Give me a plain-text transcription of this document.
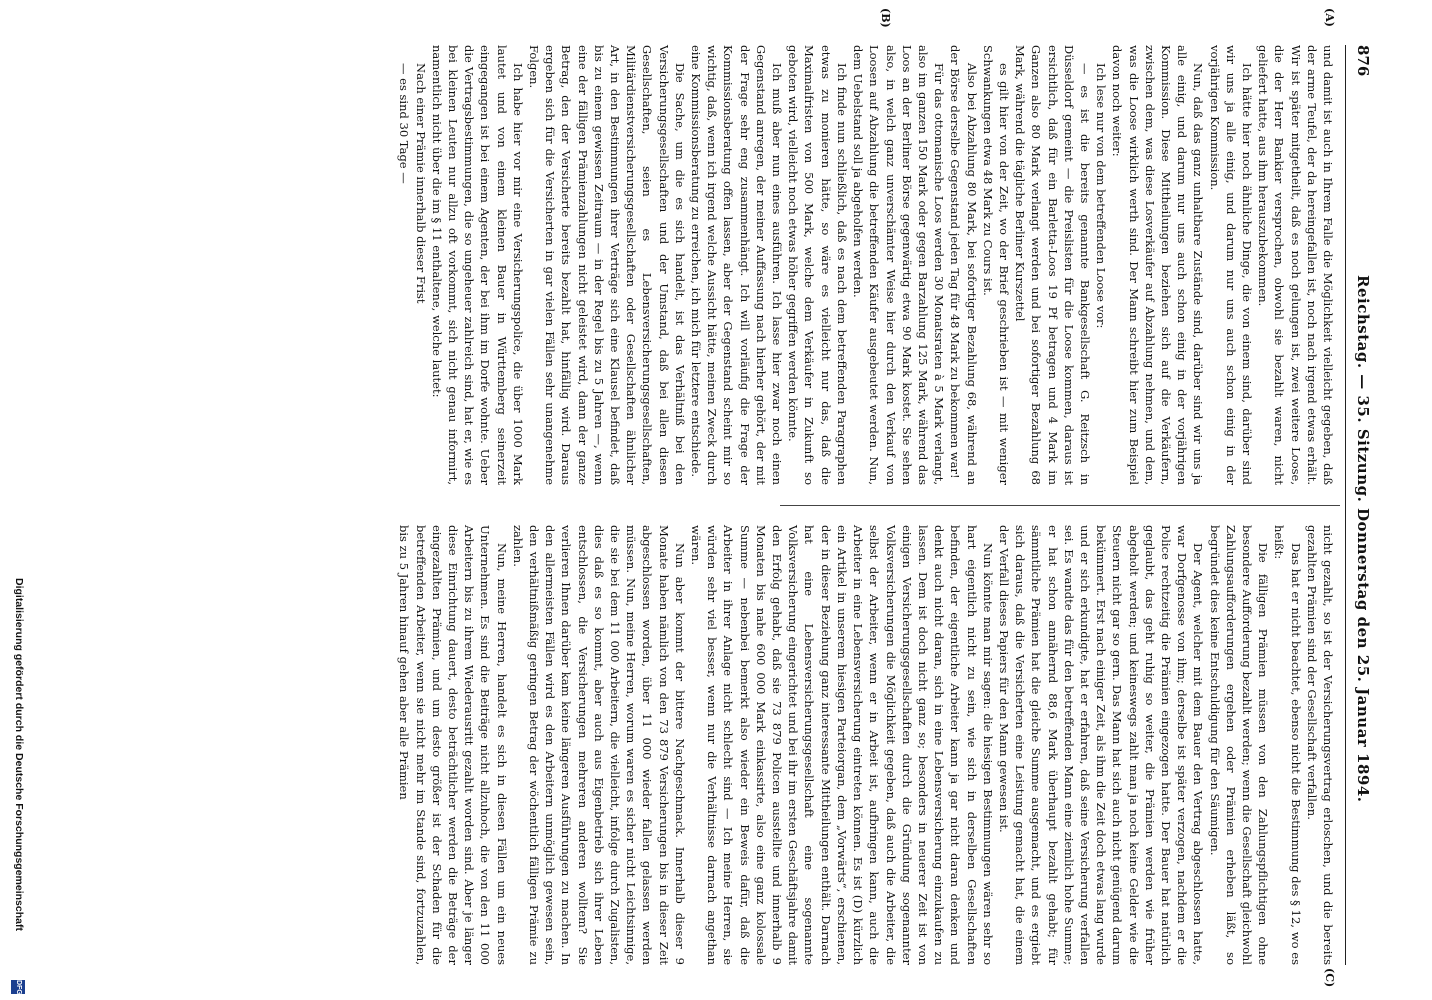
876
Reichstag. — 35. Sitzung. Donnerstag den 25. Januar 1894.
(A)
(B)
(C)

und damit ist auch in Ihrem Falle die Möglichkeit vielleicht gegeben, daß der arme Teufel, der da hereingefallen ist, noch nach irgend etwas erhält. Wir ist später mitgetheilt, daß es noch gelungen ist, zwei weitere Loose, die der Herr Bankier versprochen, obwohl sie bezahlt waren, nicht geliefert hatte, aus ihm herauszubekommen.

Ich hätte hier noch ähnliche Dinge, die von einem sind, darüber sind wir uns ja alle einig, und darum nur uns auch schon einig in der vorjährigen Kommission.

Nun, daß das ganz unhaltbare Zustände sind, darüber sind wir uns ja alle einig, und darum nur uns auch schon einig in der vorjährigen Kommission. Diese Mittheilungen beziehen sich auf die Verkäufern, zwischen dem, was diese Losverkäufer auf Abzahlung nehmen, und dem, was die Loose wirklich werth sind. Der Mann schreibt hier zum Beispiel davon noch weiter:

Ich lese nur von dem betreffenden Loose vor:

— es ist die bereits genannte Bankgesellschaft G. Reitzsch in Düsseldorf gemeint — die Preislisten für die Loose kommen, daraus ist ersichtlich, daß für ein Barletta-Loos 19 Pf betragen und 4 Mark im Ganzen also 80 Mark verlangt werden und bei sofortiger Bezahlung 68 Mark, während die tägliche Berliner Kurszettel

es gilt hier von der Zeit, wo der Brief geschrieben ist — mit weniger Schwankungen etwa 48 Mark zu Cours ist.

Also bei Abzahlung 80 Mark, bei sofortiger Bezahlung 68, während an der Börse derselbe Gegenstand jeden Tag für 48 Mark zu bekommen war!

Für das ottomanische Loos werden 30 Monatsraten à 5 Mark verlangt, also im ganzen 150 Mark oder gegen Barzahlung 125 Mark, während das Loos an der Berliner Börse gegenwärtig etwa 90 Mark kostet. Sie sehen also, in welch ganz unverschämter Weise hier durch den Verkauf von Loosen auf Abzahlung die betreffenden Käufer ausgebeutet werden. Nun, dem Uebelstand soll ja abgeholfen werden.

Ich finde nun schließlich, daß es nach dem betreffenden Paragraphen etwas zu monieren hätte, so wäre es vielleicht nur das, daß die Maximalfristen von 500 Mark, welche dem Verkäufer in Zukunft so geboten wird, vielleicht noch etwas höher gegriffen werden könnte.

Ich muß aber nun eines ausführen. Ich lasse hier zwar noch einen Gegenstand anregen, der meiner Auffassung nach hierher gehört, der mit der Frage sehr eng zusammenhängt. Ich will vorläufig die Frage der Kommissionsberatung offen lassen, aber der Gegenstand scheint mir so wichtig, daß, wenn ich irgend welche Aussicht hätte, meinen Zweck durch eine Kommissionsberatung zu erreichen, ich mich für letztere entschiede.

Die Sache, um die es sich handelt, ist das Verhältniß bei den Versicherungsgesellschaften und der Umstand, daß bei allen diesen Gesellschaften, seien es Lebensversicherungsgesellschaften, Militärdienstversicherungsgesellschaften oder Gesellschaften ähnlicher Art, in den Bestimmungen ihrer Verträge sich eine Klausel befindet, daß bis zu einem gewissen Zeitraum — in der Regel bis zu 5 Jahren —, wenn eine der fälligen Prämienzahlungen nicht geleistet wird, dann der ganze Betrag, den der Versicherte bereits bezahlt hat, hinfällig wird. Daraus ergeben sich für die Versicherten in gar vielen Fällen sehr unangenehme Folgen.

Ich habe hier vor mir eine Versicherungspolice, die über 1000 Mark lautet und von einem kleinen Bauer in Württemberg seinerzeit eingegangen ist bei einem Agenten, der bei ihm im Dorfe wohnte. Ueber die Vertragsbestimmungen, die so ungeheuer zahlreich sind, hat er, wie es bei kleinen Leuten nur allzu oft vorkommt, sich nicht genau informirt, namentlich nicht über die im § 11 enthaltene, welche lautet:

Nach einer Prämie innerhalb dieser Frist

— es sind 30 Tage —

nicht gezahlt, so ist der Versicherungsvertrag erloschen, und die bereits gezahlten Prämien sind der Gesellschaft verfallen.

Das hat er nicht beachtet, ebenso nicht die Bestimmung des § 12, wo es heißt:

Die fälligen Prämien müssen von den Zahlungspflichtigen ohne besondere Aufforderung bezahlt werden; wenn die Gesellschaft gleichwohl Zahlungsaufforderungen ergehen oder Prämien erheben läßt, so begründet dies keine Entschuldigung für den Säumigen.

Der Agent, welcher mit dem Bauer den Vertrag abgeschlossen hatte, war Dorfgenosse von ihm; derselbe ist später verzogen, nachdem er die Police rechtzeitig die Prämien eingezogen hatte. Der Bauer hat natürlich geglaubt, das geht ruhig so weiter, die Prämien werden wie früher abgeholt werden; und keineswegs zahlt man ja noch keine Gelder wie die Steuern nicht gar so gern. Das Mann hat sich auch nicht genügend darum bekümmert. Erst nach einiger Zeit, als ihm die Zeit doch etwas lang wurde und er sich erkundigte, hat er erfahren, daß seine Versicherung verfallen sei. Es wandte das für den betreffenden Mann eine ziemlich hohe Summe; er hat schon annähernd 88,6 Mark überhaupt bezahlt gehabt; für sämmtliche Prämien hat die gleiche Summe ausgemacht, und es ergiebt sich daraus, daß die Versicherten eine Leistung gemacht hat, die einem der Verfall dieses Papiers für den Mann gewesen ist.

Nun könnte man mir sagen: die hiesigen Bestimmungen wären sehr so hart eigentlich nicht zu sein, wie sich in derselben Gesellschaften befinden, der eigentliche Arbeiter kann ja gar nicht daran denken und denkt auch nicht daran, sich in eine Lebensversicherung einzukaufen zu lassen. Dem ist doch nicht ganz so; besonders in neuerer Zeit ist von einigen Versicherungsgesellschaften durch die Gründung sogenannter Volksversicherungen die Möglichkeit gegeben, daß auch die Arbeiter, die selbst der Arbeiter, wenn er in Arbeit ist, aufbringen kann, auch die Arbeiter in eine Lebensversicherung eintreten können. Es ist (D) kürzlich ein Artikel in unserem hiesigen Parteiorgan, dem „Vorwärts“, erschienen, der in dieser Beziehung ganz interessante Mittheilungen enthält. Darnach hat eine Lebensversicherungsgesellschaft eine sogenannte Volksversicherung eingerichtet und bei ihr im ersten Geschäftsjahre damit den Erfolg gehabt, daß sie 73 879 Policen ausstellte und innerhalb 9 Monaten bis nahe 600 000 Mark einkassirte, also eine ganz kolossale Summe — nebenbei bemerkt also wieder ein Beweis dafür, daß die Arbeiter in ihrer Anlage nicht schlecht sind — Ich meine Herren, sie würden sehr viel besser, wenn nur die Verhältnisse darnach angethan wären.

Nun aber kommt der bittere Nachgeschmack. Innerhalb dieser 9 Monate haben nämlich von den 73 879 Versicherungen bis in dieser Zeit abgeschlossen worden, über 11 000 wieder fallen gelassen werden müssen. Nun, meine Herren, worum waren es sicher nicht Leichtsinnige, die sie bei dem 11 000 Arbeitern, die vielleicht, infolge durch Zugalisten, dies daß es so kommt, aber auch aus Eigenbetrieb sich ihrer Leben entschlossen, die Versicherungen mehreren anderen wolltem? Sie verlieren Ihnen darüber kam keine längeren Ausführungen zu machen. In den allermeisten Fällen wird es den Arbeitern unmöglich gewesen sein, den verhältnißmäßig geringen Betrag der wöchentlich fälligen Prämie zu zahlen.

Nun, meine Herren, handelt es sich in diesen Fällen um ein neues Unternehmen. Es sind die Beiträge nicht allzuhoch, die von den 11 000 Arbeitern bis zu ihrem Wiederausritt gezahlt worden sind. Aber je länger diese Einrichtung dauert, desto beträchtlicher werden die Beträge der eingezahlten Prämien, und um desto größer ist der Schaden für die betreffenden Arbeiter, wenn sie nicht mehr im Stande sind, fortzuzahlen, bis zu 5 Jahren hinauf gehen aber alle Prämien

Digitalisierung gefördert durch die Deutsche Forschungsgemeinschaft
DFG
